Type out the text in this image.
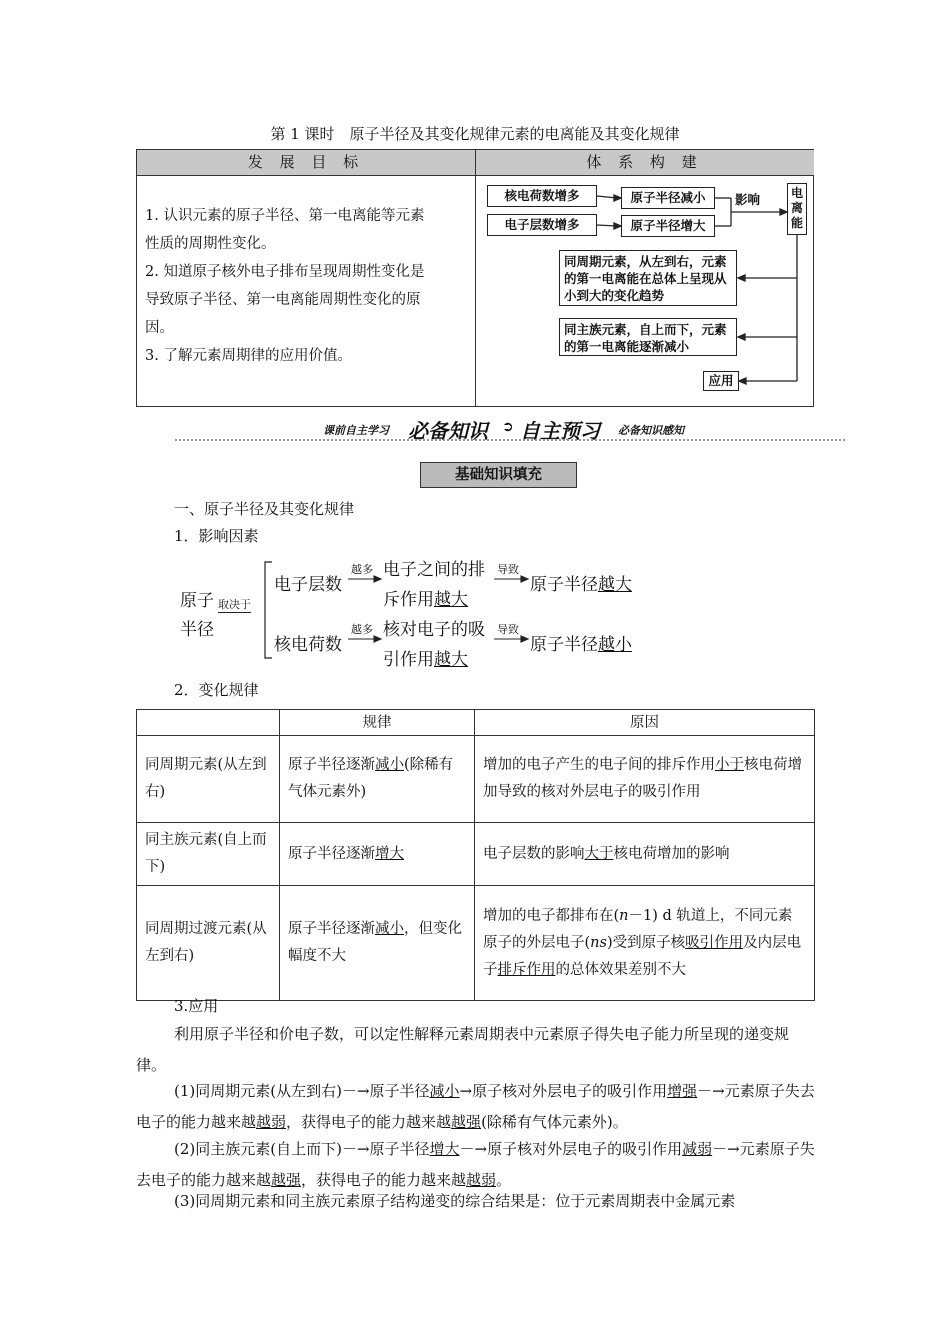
第 1 课时　原子半径及其变化规律元素的电离能及其变化规律
发 展 目 标	体 系 构 建
1. 认识元素的原子半径、第一电离能等元素
性质的周期性变化。
2. 知道原子核外电子排布呈现周期性变化是
导致原子半径、第一电离能周期性变化的原
因。
3. 了解元素周期律的应用价值。
核电荷数增多	原子半径减小
电子层数增多	原子半径增大
影响	电离能
同周期元素，从左到右，元素
的第一电离能在总体上呈现从
小到大的变化趋势
同主族元素，自上而下，元素
的第一电离能逐渐减小
应用
课前自主学习 必备知识 ➲ 自主预习 必备知识感知
基础知识填充
一、原子半径及其变化规律
1．影响因素
原子
半径
取决于
电子层数
越多 电子之间的排
斥作用越大
导致
原子半径越大
核电荷数
越多 核对电子的吸
引作用越大
导致
原子半径越小
2．变化规律
	规律	原因
同周期元素(从左到右)	原子半径逐渐减小(除稀有气体元素外)	增加的电子产生的电子间的排斥作用小于核电荷增加导致的核对外层电子的吸引作用
同主族元素(自上而下)	原子半径逐渐增大	电子层数的影响大于核电荷增加的影响
同周期过渡元素(从左到右)	原子半径逐渐减小，但变化幅度不大	增加的电子都排布在(n－1) d 轨道上，不同元素原子的外层电子(ns)受到原子核吸引作用及内层电子排斥作用的总体效果差别不大
3.应用
利用原子半径和价电子数，可以定性解释元素周期表中元素原子得失电子能力所呈现的递变规律。
(1)同周期元素(从左到右)－→原子半径减小→原子核对外层电子的吸引作用增强－→元素原子失去电子的能力越来越越弱，获得电子的能力越来越越强(除稀有气体元素外)。
(2)同主族元素(自上而下)－→原子半径增大－→原子核对外层电子的吸引作用减弱－→元素原子失去电子的能力越来越越强，获得电子的能力越来越越弱。
(3)同周期元素和同主族元素原子结构递变的综合结果是：位于元素周期表中金属元素
